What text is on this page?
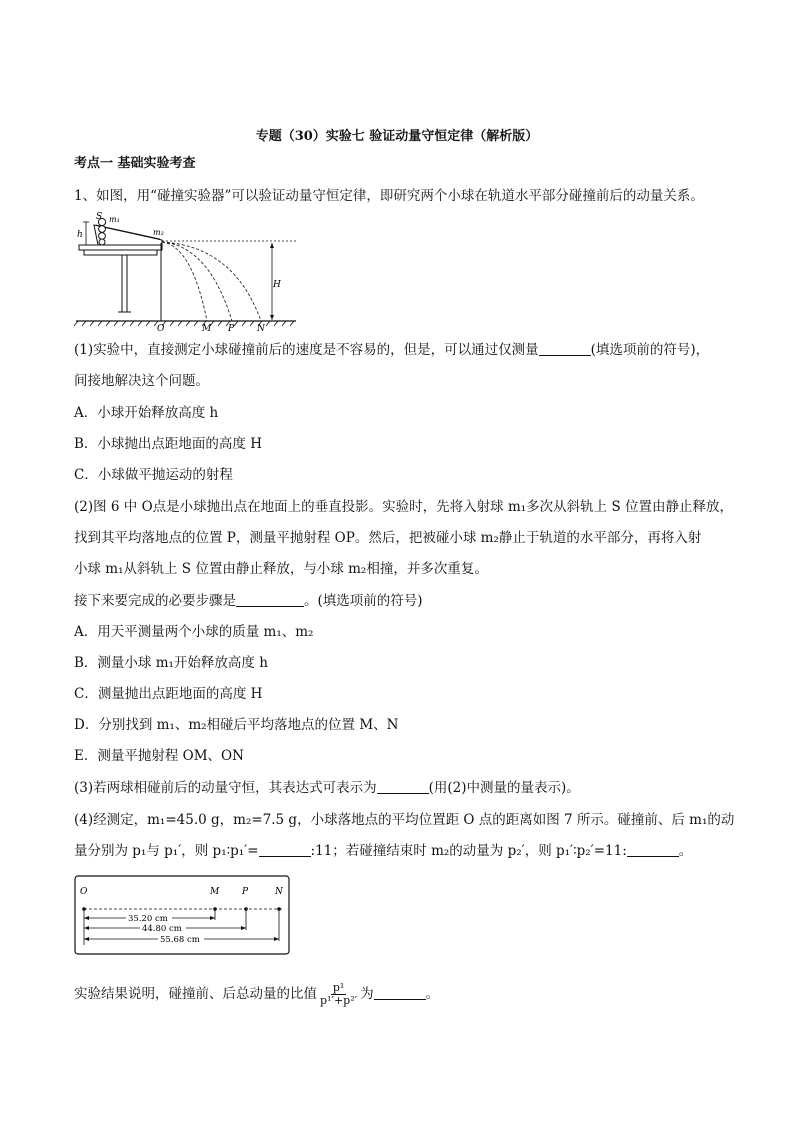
专题（30）实验七 验证动量守恒定律（解析版）
考点一 基础实验考查
1、如图，用“碰撞实验器”可以验证动量守恒定律，即研究两个小球在轨道水平部分碰撞前后的动量关系。
h
S m₁
m₂
H
O	M P	N
(1)实验中，直接测定小球碰撞前后的速度是不容易的，但是，可以通过仅测量	(填选项前的符号)，
间接地解决这个问题。
A．小球开始释放高度 h
B．小球抛出点距地面的高度 H
C．小球做平抛运动的射程
(2)图 6 中 O点是小球抛出点在地面上的垂直投影。实验时，先将入射球 m₁多次从斜轨上 S 位置由静止释放，
找到其平均落地点的位置 P，测量平抛射程 OP。然后，把被碰小球 m₂静止于轨道的水平部分，再将入射
小球 m₁从斜轨上 S 位置由静止释放，与小球 m₂相撞，并多次重复。
接下来要完成的必要步骤是	。(填选项前的符号)
A．用天平测量两个小球的质量 m₁、m₂
B．测量小球 m₁开始释放高度 h
C．测量抛出点距地面的高度 H
D．分别找到 m₁、m₂相碰后平均落地点的位置 M、N
E．测量平抛射程 OM、ON
(3)若两球相碰前后的动量守恒，其表达式可表示为	(用(2)中测量的量表示)。
(4)经测定，m₁=45.0 g，m₂=7.5 g，小球落地点的平均位置距 O 点的距离如图 7 所示。碰撞前、后 m₁的动
量分别为 p₁与 p₁′，则 p₁∶p₁′=	:11；若碰撞结束时 m₂的动量为 p₂′，则 p₁′∶p₂′=11:	。
O	M	P	N
35.20 cm
44.80 cm
55.68 cm
实验结果说明，碰撞前、后总动量的比值 $\frac{\text{p¹}}{\text{p¹′+p²′}}$ 为	。
